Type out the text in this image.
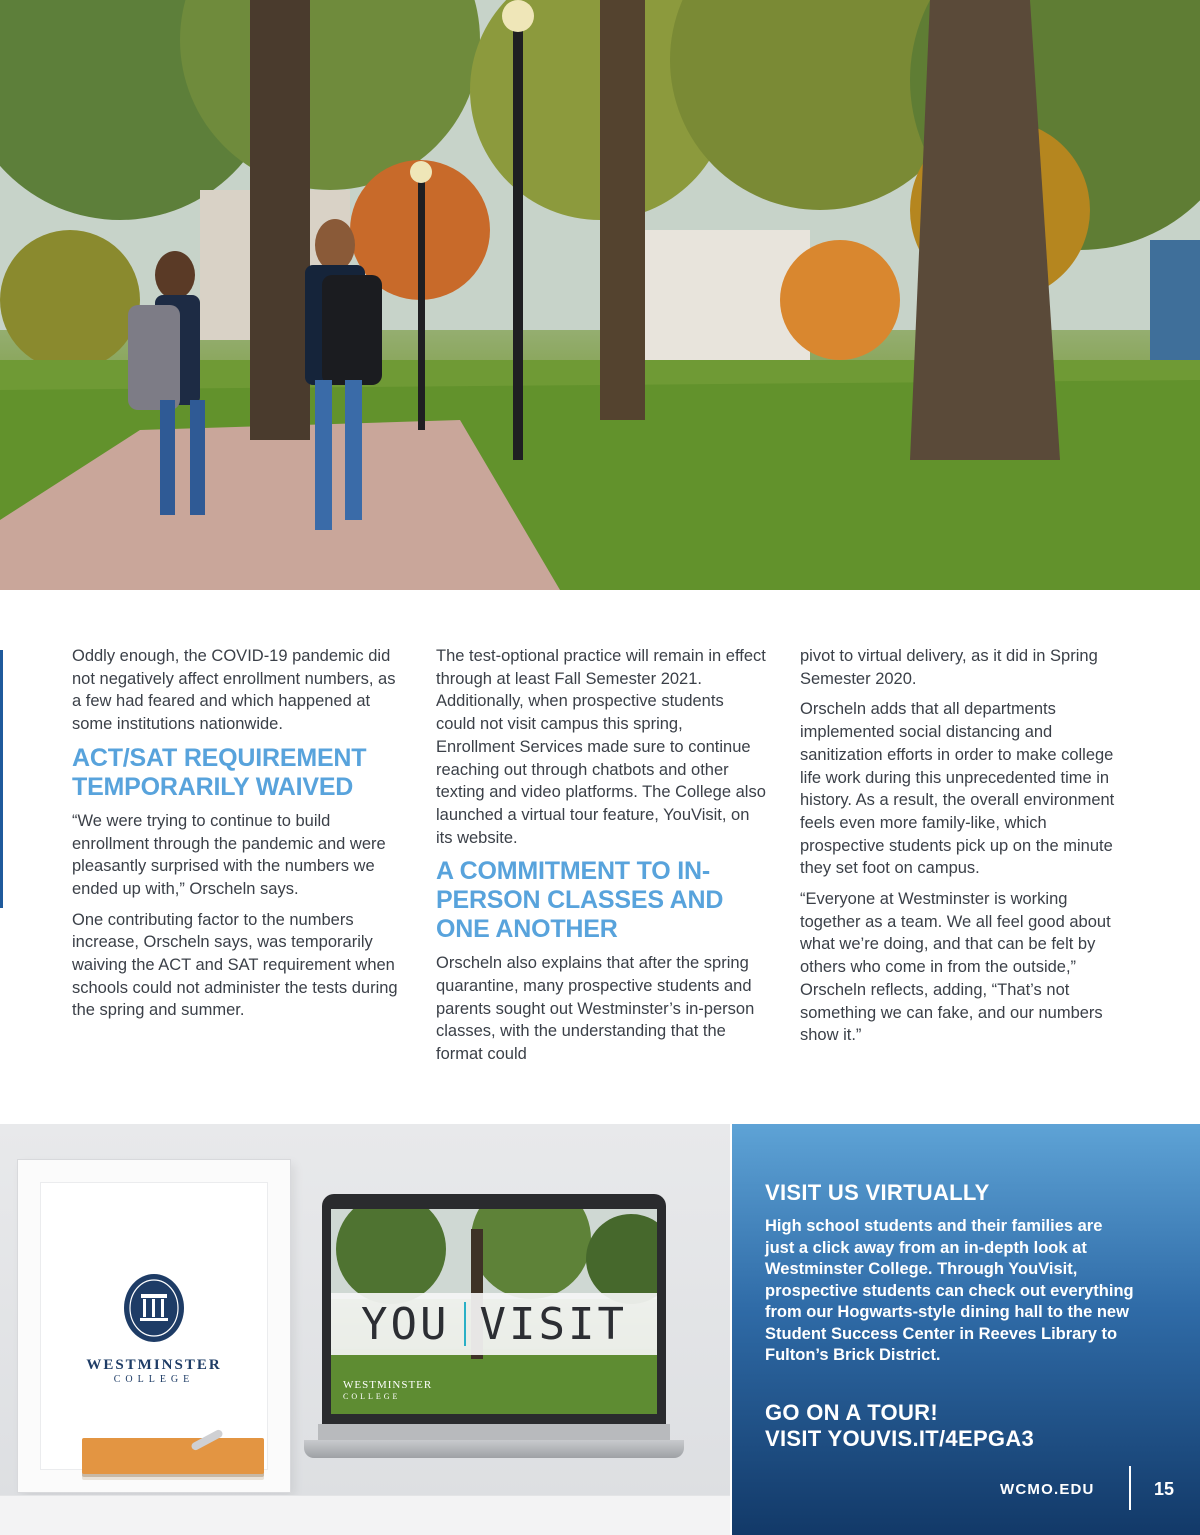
Oddly enough, the COVID-19 pandemic did not negatively affect enrollment numbers, as a few had feared and which happened at some institutions nationwide.

ACT/SAT REQUIREMENT TEMPORARILY WAIVED

“We were trying to continue to build enrollment through the pandemic and were pleasantly surprised with the numbers we ended up with,” Orscheln says.

One contributing factor to the numbers increase, Orscheln says, was temporarily waiving the ACT and SAT requirement when schools could not administer the tests during the spring and summer.

The test-optional practice will remain in effect through at least Fall Semester 2021. Additionally, when prospective students could not visit campus this spring, Enrollment Services made sure to continue reaching out through chatbots and other texting and video platforms. The College also launched a virtual tour feature, YouVisit, on its website.

A COMMITMENT TO IN-PERSON CLASSES AND ONE ANOTHER

Orscheln also explains that after the spring quarantine, many prospective students and parents sought out Westminster’s in-person classes, with the understanding that the format could

pivot to virtual delivery, as it did in Spring Semester 2020.

Orscheln adds that all departments implemented social distancing and sanitization efforts in order to make college life work during this unprecedented time in history. As a result, the overall environment feels even more family-like, which prospective students pick up on the minute they set foot on campus.

“Everyone at Westminster is working together as a team. We all feel good about what we’re doing, and that can be felt by others who come in from the outside,” Orscheln reflects, adding, “That’s not something we can fake, and our numbers show it.”

WESTMINSTER
COLLEGE
YOU VISIT
WESTMINSTER
COLLEGE
VISIT US VIRTUALLY

High school students and their families are just a click away from an in-depth look at Westminster College. Through YouVisit, prospective students can check out everything from our Hogwarts-style dining hall to the new Student Success Center in Reeves Library to Fulton’s Brick District.

GO ON A TOUR!

VISIT YOUVIS.IT/4EPGA3

WCMO.EDU	15
